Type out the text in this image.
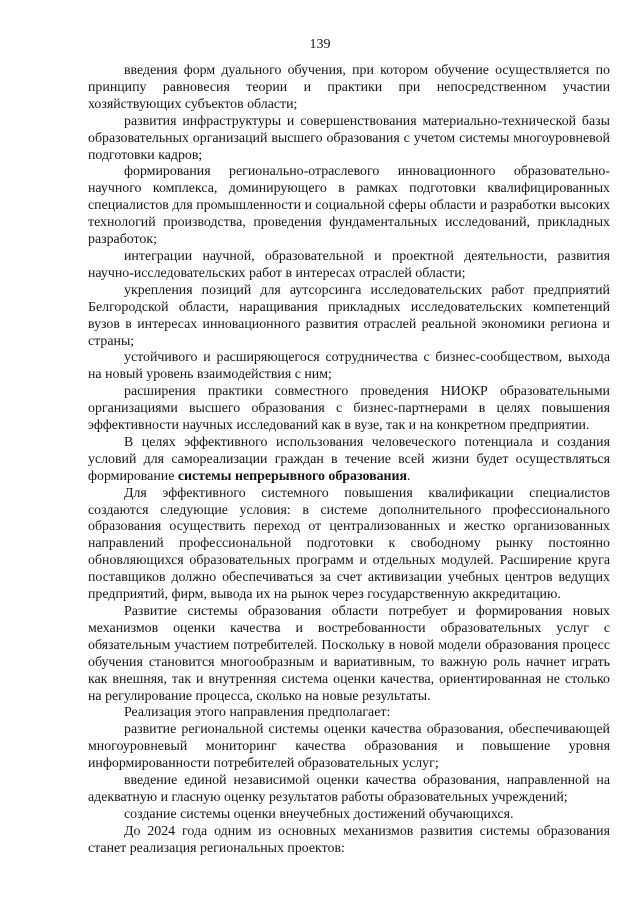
139

введения форм дуального обучения, при котором обучение осуществляется по принципу равновесия теории и практики при непосредственном участии хозяйствующих субъектов области;

развития инфраструктуры и совершенствования материально-технической базы образовательных организаций высшего образования с учетом системы многоуровневой подготовки кадров;

формирования регионально-отраслевого инновационного образовательно-научного комплекса, доминирующего в рамках подготовки квалифицированных специалистов для промышленности и социальной сферы области и разработки высоких технологий производства, проведения фундаментальных исследований, прикладных разработок;

интеграции научной, образовательной и проектной деятельности, развития научно-исследовательских работ в интересах отраслей области;

укрепления позиций для аутсорсинга исследовательских работ предприятий Белгородской области, наращивания прикладных исследовательских компетенций вузов в интересах инновационного развития отраслей реальной экономики региона и страны;

устойчивого и расширяющегося сотрудничества с бизнес-сообществом, выхода на новый уровень взаимодействия с ним;

расширения практики совместного проведения НИОКР образовательными организациями высшего образования с бизнес-партнерами в целях повышения эффективности научных исследований как в вузе, так и на конкретном предприятии.

В целях эффективного использования человеческого потенциала и создания условий для самореализации граждан в течение всей жизни будет осуществляться формирование системы непрерывного образования.

Для эффективного системного повышения квалификации специалистов создаются следующие условия: в системе дополнительного профессионального образования осуществить переход от централизованных и жестко организованных направлений профессиональной подготовки к свободному рынку постоянно обновляющихся образовательных программ и отдельных модулей. Расширение круга поставщиков должно обеспечиваться за счет активизации учебных центров ведущих предприятий, фирм, вывода их на рынок через государственную аккредитацию.

Развитие системы образования области потребует и формирования новых механизмов оценки качества и востребованности образовательных услуг с обязательным участием потребителей. Поскольку в новой модели образования процесс обучения становится многообразным и вариативным, то важную роль начнет играть как внешняя, так и внутренняя система оценки качества, ориентированная не столько на регулирование процесса, сколько на новые результаты.

Реализация этого направления предполагает:

развитие региональной системы оценки качества образования, обеспечивающей многоуровневый мониторинг качества образования и повышение уровня информированности потребителей образовательных услуг;

введение единой независимой оценки качества образования, направленной на адекватную и гласную оценку результатов работы образовательных учреждений;

создание системы оценки внеучебных достижений обучающихся.

До 2024 года одним из основных механизмов развития системы образования станет реализация региональных проектов:
